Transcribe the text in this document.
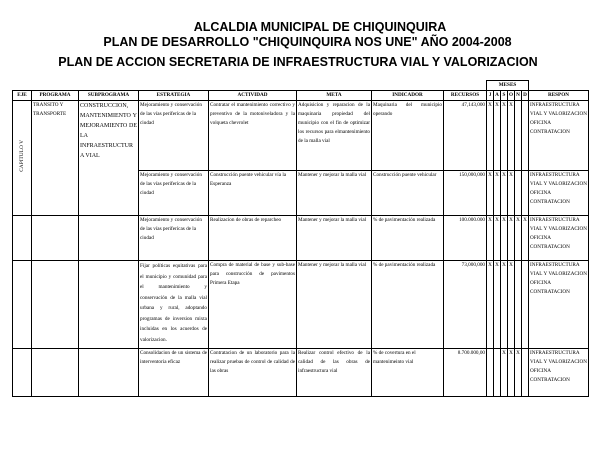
ALCALDIA MUNICIPAL DE CHIQUINQUIRA
PLAN DE DESARROLLO "CHIQUINQUIRA NOS UNE" AÑO 2004-2008
PLAN DE ACCION SECRETARIA DE INFRAESTRUCTURA VIAL Y VALORIZACION
								MESES						
EJE	PROGRAMA	SUBPROGRAMA	ESTRATEGIA	ACTIVIDAD	META	INDICADOR	RECURSOS	J	A	S	O	N	D	RESPON
CAPITULO V	TRANSITO Y TRANSPORTE	CONSTRUCCION, MANTENIMIENTO Y MEJORAMIENTO DE LA INFRAESTRUCTUR A VIAL	Mejoramiento y conservación de las vías periferícas de la ciudad	Contratar el mantenimiento correctivo y preventivo de la motoniveladora y la volqueta chevrolet	Adquisicion y reparacion de la maquinaria propiedad del municipio con el fin de optimizar los recursos para elmantenimiento de la malla vial	Maquinaria del municipio operando	47,143,000	X	X	X	X			INFRAESTRUCTURA VIAL Y VALORIZACION OFICINA CONTRATACION
			Mejoramiento y conservación de las vías periferícas de la ciudad	Construcción puente vehicular vía la Esperanza	Mantener y mejorar la malla vial	Construcción puente vehicular	150,000,000	X	X	X	X			INFRAESTRUCTURA VIAL Y VALORIZACION OFICINA CONTRATACION
			Mejoramiento y conservación de las vías periferícas de la ciudad	Realizacíon de obras de reparcheo	Mantener y mejorar la malla vial	% de pavimentación realizada	100.000.000	X	X	X	X	X	X	INFRAESTRUCTURA VIAL Y VALORIZACION OFICINA CONTRATACION
			Fijar políticas equitativas para el municipio y comunidad para el mantenimiento y conservación de la malla vial urbana y rural, adoptando programas de inversion mixta incluidas en los acuerdos de valorizacion.	Compra de material de base y sub-base para construcción de pavimentos Primera Etapa	Mantener y mejorar la malla vial	% de pavimentación realizada	73,000,000	X	X	X	X			INFRAESTRUCTURA VIAL Y VALORIZACION OFICINA CONTRATACION
			Consolidacion de un sistema de interventoria eficaz	Contratacion de un laboratorio para la realizar pruebas de control de calidad de las obras	Realizar control efectivo de la calidad de las obras de infraestructura vial	% de covertura en el mantenimeinto vial	8.700.000,00			X	X	X		INFRAESTRUCTURA VIAL Y VALORIZACION OFICINA CONTRATACION
